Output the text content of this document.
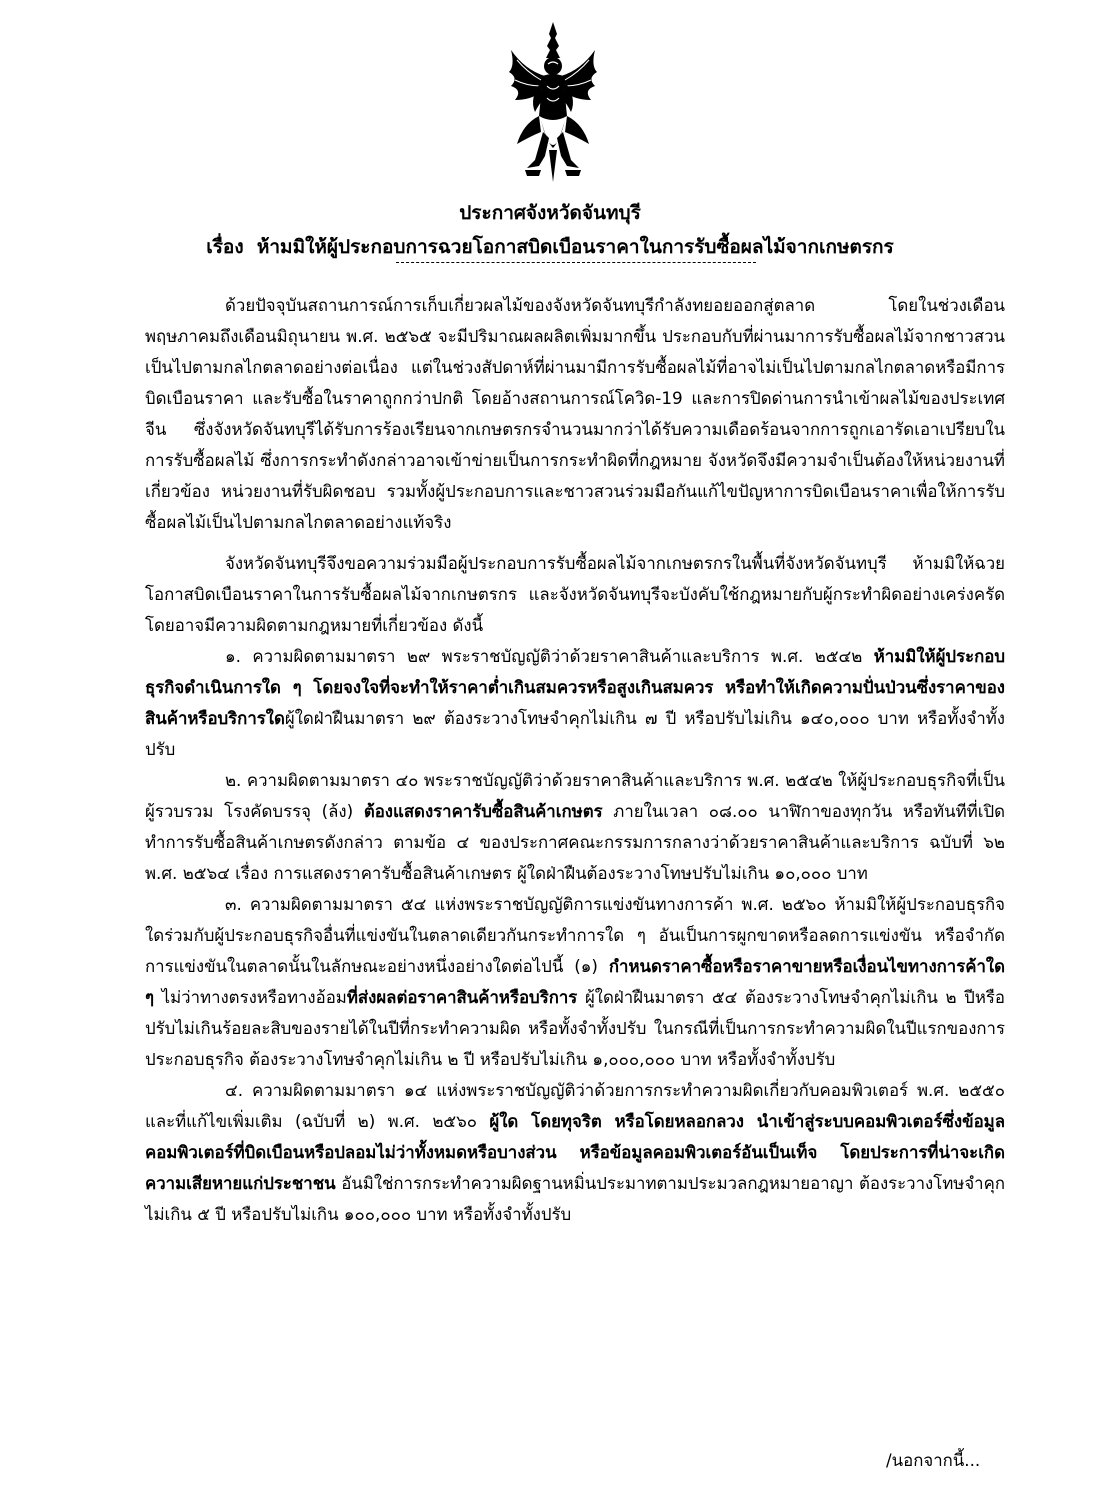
ประกาศจังหวัดจันทบุรี
เรื่อง  ห้ามมิให้ผู้ประกอบการฉวยโอกาสบิดเบือนราคาในการรับซื้อผลไม้จากเกษตรกร

ด้วยปัจจุบันสถานการณ์การเก็บเกี่ยวผลไม้ของจังหวัดจันทบุรีกำลังทยอยออกสู่ตลาด โดยในช่วงเดือนพฤษภาคมถึงเดือนมิถุนายน พ.ศ. ๒๕๖๕ จะมีปริมาณผลผลิตเพิ่มมากขึ้น ประกอบกับที่ผ่านมาการรับซื้อผลไม้จากชาวสวนเป็นไปตามกลไกตลาดอย่างต่อเนื่อง แต่ในช่วงสัปดาห์ที่ผ่านมามีการรับซื้อผลไม้ที่อาจไม่เป็นไปตามกลไกตลาดหรือมีการบิดเบือนราคา และรับซื้อในราคาถูกกว่าปกติ โดยอ้างสถานการณ์โควิด-19 และการปิดด่านการนำเข้าผลไม้ของประเทศจีน ซึ่งจังหวัดจันทบุรีได้รับการร้องเรียนจากเกษตรกรจำนวนมากว่าได้รับความเดือดร้อนจากการถูกเอารัดเอาเปรียบในการรับซื้อผลไม้ ซึ่งการกระทำดังกล่าวอาจเข้าข่ายเป็นการกระทำผิดที่กฎหมาย จังหวัดจึงมีความจำเป็นต้องให้หน่วยงานที่เกี่ยวข้อง หน่วยงานที่รับผิดชอบ รวมทั้งผู้ประกอบการและชาวสวนร่วมมือกันแก้ไขปัญหาการบิดเบือนราคาเพื่อให้การรับซื้อผลไม้เป็นไปตามกลไกตลาดอย่างแท้จริง

จังหวัดจันทบุรีจึงขอความร่วมมือผู้ประกอบการรับซื้อผลไม้จากเกษตรกรในพื้นที่จังหวัดจันทบุรี ห้ามมิให้ฉวยโอกาสบิดเบือนราคาในการรับซื้อผลไม้จากเกษตรกร และจังหวัดจันทบุรีจะบังคับใช้กฎหมายกับผู้กระทำผิดอย่างเคร่งครัด โดยอาจมีความผิดตามกฎหมายที่เกี่ยวข้อง ดังนี้

๑. ความผิดตามมาตรา ๒๙ พระราชบัญญัติว่าด้วยราคาสินค้าและบริการ พ.ศ. ๒๕๔๒ ห้ามมิให้ผู้ประกอบธุรกิจดำเนินการใด ๆ โดยจงใจที่จะทำให้ราคาต่ำเกินสมควรหรือสูงเกินสมควร หรือทำให้เกิดความปั่นป่วนซึ่งราคาของสินค้าหรือบริการใดผู้ใดฝ่าฝืนมาตรา ๒๙ ต้องระวางโทษจำคุกไม่เกิน ๗ ปี หรือปรับไม่เกิน ๑๔๐,๐๐๐ บาท หรือทั้งจำทั้งปรับ

๒. ความผิดตามมาตรา ๔๐ พระราชบัญญัติว่าด้วยราคาสินค้าและบริการ พ.ศ. ๒๕๔๒ ให้ผู้ประกอบธุรกิจที่เป็นผู้รวบรวม โรงคัดบรรจุ (ล้ง) ต้องแสดงราคารับซื้อสินค้าเกษตร ภายในเวลา ๐๘.๐๐ นาฬิกาของทุกวัน หรือทันทีที่เปิดทำการรับซื้อสินค้าเกษตรดังกล่าว ตามข้อ ๔ ของประกาศคณะกรรมการกลางว่าด้วยราคาสินค้าและบริการ ฉบับที่ ๖๒ พ.ศ. ๒๕๖๔ เรื่อง การแสดงราคารับซื้อสินค้าเกษตร ผู้ใดฝ่าฝืนต้องระวางโทษปรับไม่เกิน ๑๐,๐๐๐ บาท

๓. ความผิดตามมาตรา ๕๔ แห่งพระราชบัญญัติการแข่งขันทางการค้า พ.ศ. ๒๕๖๐ ห้ามมิให้ผู้ประกอบธุรกิจใดร่วมกับผู้ประกอบธุรกิจอื่นที่แข่งขันในตลาดเดียวกันกระทำการใด ๆ อันเป็นการผูกขาดหรือลดการแข่งขัน หรือจำกัดการแข่งขันในตลาดนั้นในลักษณะอย่างหนึ่งอย่างใดต่อไปนี้ (๑) กำหนดราคาซื้อหรือราคาขายหรือเงื่อนไขทางการค้าใด ๆ ไม่ว่าทางตรงหรือทางอ้อมที่ส่งผลต่อราคาสินค้าหรือบริการ ผู้ใดฝ่าฝืนมาตรา ๕๔ ต้องระวางโทษจำคุกไม่เกิน ๒ ปีหรือปรับไม่เกินร้อยละสิบของรายได้ในปีที่กระทำความผิด หรือทั้งจำทั้งปรับ ในกรณีที่เป็นการกระทำความผิดในปีแรกของการประกอบธุรกิจ ต้องระวางโทษจำคุกไม่เกิน ๒ ปี หรือปรับไม่เกิน ๑,๐๐๐,๐๐๐ บาท หรือทั้งจำทั้งปรับ

๔. ความผิดตามมาตรา ๑๔ แห่งพระราชบัญญัติว่าด้วยการกระทำความผิดเกี่ยวกับคอมพิวเตอร์ พ.ศ. ๒๕๕๐ และที่แก้ไขเพิ่มเติม (ฉบับที่ ๒) พ.ศ. ๒๕๖๐ ผู้ใด โดยทุจริต หรือโดยหลอกลวง นำเข้าสู่ระบบคอมพิวเตอร์ซึ่งข้อมูลคอมพิวเตอร์ที่บิดเบือนหรือปลอมไม่ว่าทั้งหมดหรือบางส่วน หรือข้อมูลคอมพิวเตอร์อันเป็นเท็จ โดยประการที่น่าจะเกิดความเสียหายแก่ประชาชน อันมิใช่การกระทำความผิดฐานหมิ่นประมาทตามประมวลกฎหมายอาญา ต้องระวางโทษจำคุกไม่เกิน ๕ ปี หรือปรับไม่เกิน ๑๐๐,๐๐๐ บาท หรือทั้งจำทั้งปรับ

/นอกจากนี้...
